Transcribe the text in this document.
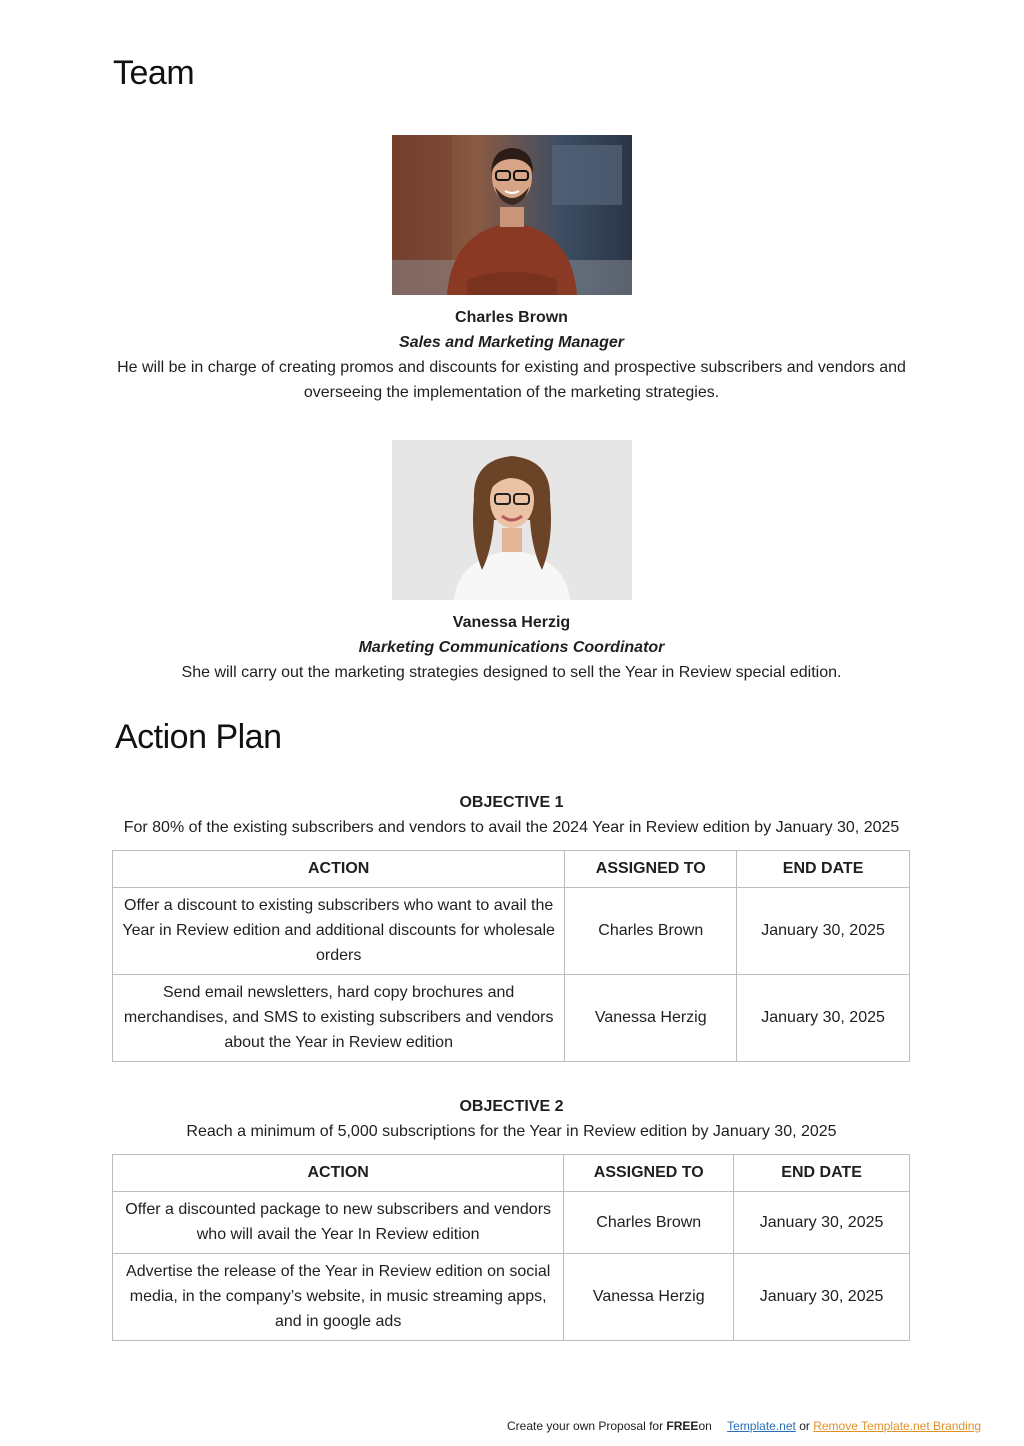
Team
Charles Brown
Sales and Marketing Manager
He will be in charge of creating promos and discounts for existing and prospective subscribers and vendors and overseeing the implementation of the marketing strategies.
Vanessa Herzig
Marketing Communications Coordinator
She will carry out the marketing strategies designed to sell the Year in Review special edition.
Action Plan
OBJECTIVE 1
For 80% of the existing subscribers and vendors to avail the 2024 Year in Review edition by January 30, 2025
ACTION	ASSIGNED TO	END DATE
Offer a discount to existing subscribers who want to avail the Year in Review edition and additional discounts for wholesale orders	Charles Brown	January 30, 2025
Send email newsletters, hard copy brochures and merchandises, and SMS to existing subscribers and vendors about the Year in Review edition	Vanessa Herzig	January 30, 2025
OBJECTIVE 2
Reach a minimum of 5,000 subscriptions for the Year in Review edition by January 30, 2025
ACTION	ASSIGNED TO	END DATE
Offer a discounted package to new subscribers and vendors who will avail the Year In Review edition	Charles Brown	January 30, 2025
Advertise the release of the Year in Review edition on social media, in the company’s website, in music streaming apps, and in google ads	Vanessa Herzig	January 30, 2025
Create your own Proposal for FREEon Template.net or Remove Template.net Branding
